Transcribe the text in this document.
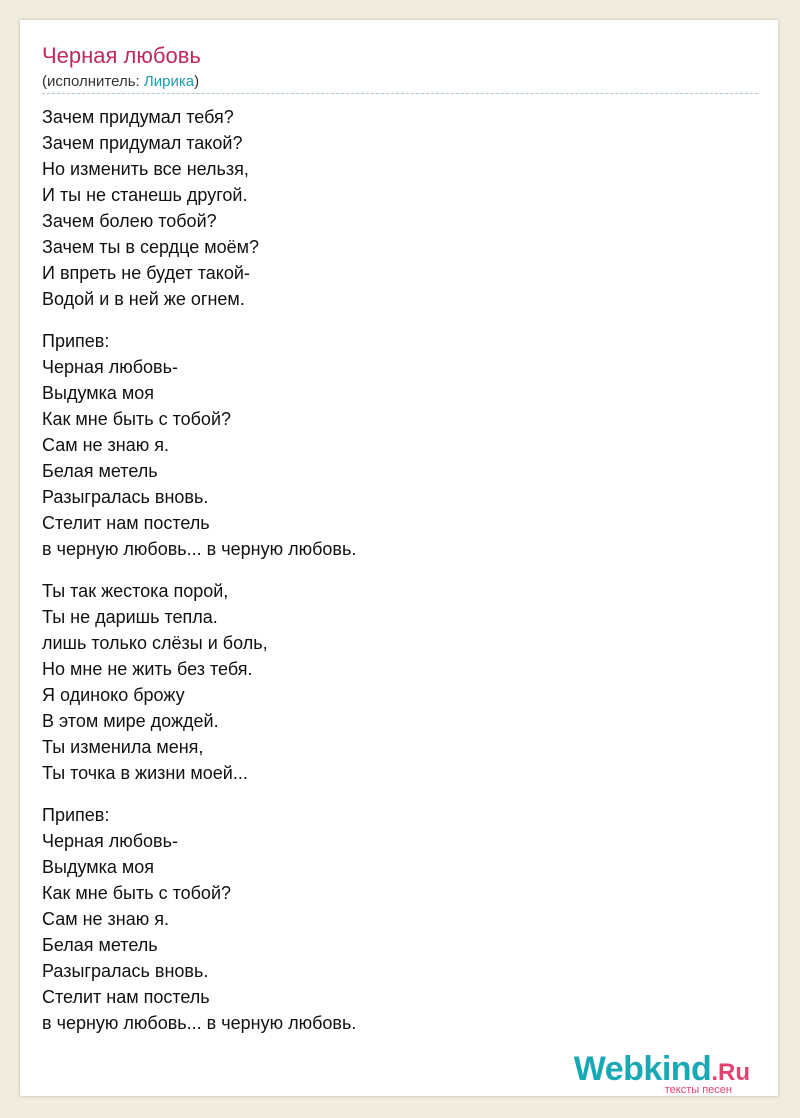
Черная любовь
(исполнитель: Лирика)
Зачем придумал тебя?
Зачем придумал такой?
Но изменить все нельзя,
И ты не станешь другой.
Зачем болею тобой?
Зачем ты в сердце моём?
И впреть не будет такой-
Водой и в ней же огнем.
Припев:
Черная любовь-
Выдумка моя
Как мне быть с тобой?
Сам не знаю я.
Белая метель
Разыгралась вновь.
Стелит нам постель
в черную любовь... в черную любовь.
Ты так жестока порой,
Ты не даришь тепла.
лишь только слёзы и боль,
Но мне не жить без тебя.
Я одиноко брожу
В этом мире дождей.
Ты изменила меня,
Ты точка в жизни моей...
Припев:
Черная любовь-
Выдумка моя
Как мне быть с тобой?
Сам не знаю я.
Белая метель
Разыгралась вновь.
Стелит нам постель
в черную любовь... в черную любовь.
Webkind.Ru
тексты песен
